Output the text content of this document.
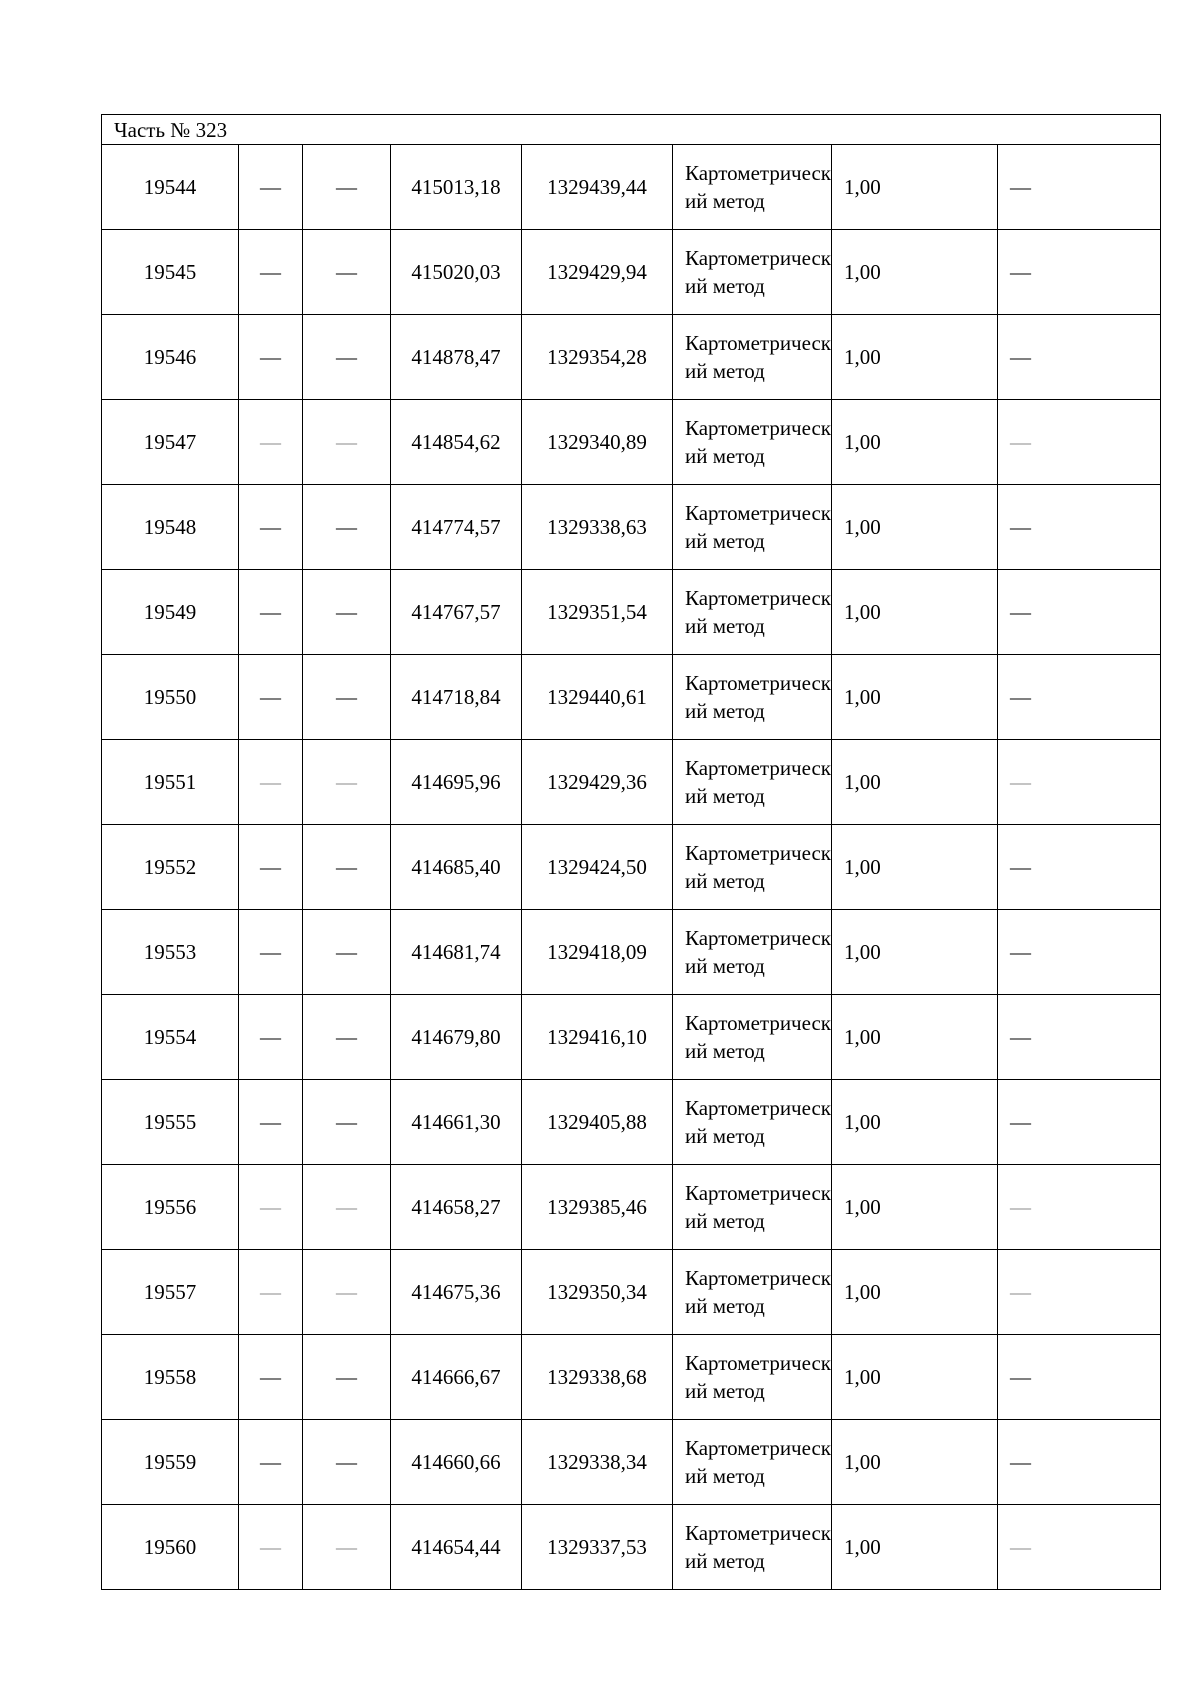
Часть № 323							
19544	—	—	415013,18	1329439,44	Картометрический метод	1,00	—
19545	—	—	415020,03	1329429,94	Картометрический метод	1,00	—
19546	—	—	414878,47	1329354,28	Картометрический метод	1,00	—
19547	—	—	414854,62	1329340,89	Картометрический метод	1,00	—
19548	—	—	414774,57	1329338,63	Картометрический метод	1,00	—
19549	—	—	414767,57	1329351,54	Картометрический метод	1,00	—
19550	—	—	414718,84	1329440,61	Картометрический метод	1,00	—
19551	—	—	414695,96	1329429,36	Картометрический метод	1,00	—
19552	—	—	414685,40	1329424,50	Картометрический метод	1,00	—
19553	—	—	414681,74	1329418,09	Картометрический метод	1,00	—
19554	—	—	414679,80	1329416,10	Картометрический метод	1,00	—
19555	—	—	414661,30	1329405,88	Картометрический метод	1,00	—
19556	—	—	414658,27	1329385,46	Картометрический метод	1,00	—
19557	—	—	414675,36	1329350,34	Картометрический метод	1,00	—
19558	—	—	414666,67	1329338,68	Картометрический метод	1,00	—
19559	—	—	414660,66	1329338,34	Картометрический метод	1,00	—
19560	—	—	414654,44	1329337,53	Картометрический метод	1,00	—
